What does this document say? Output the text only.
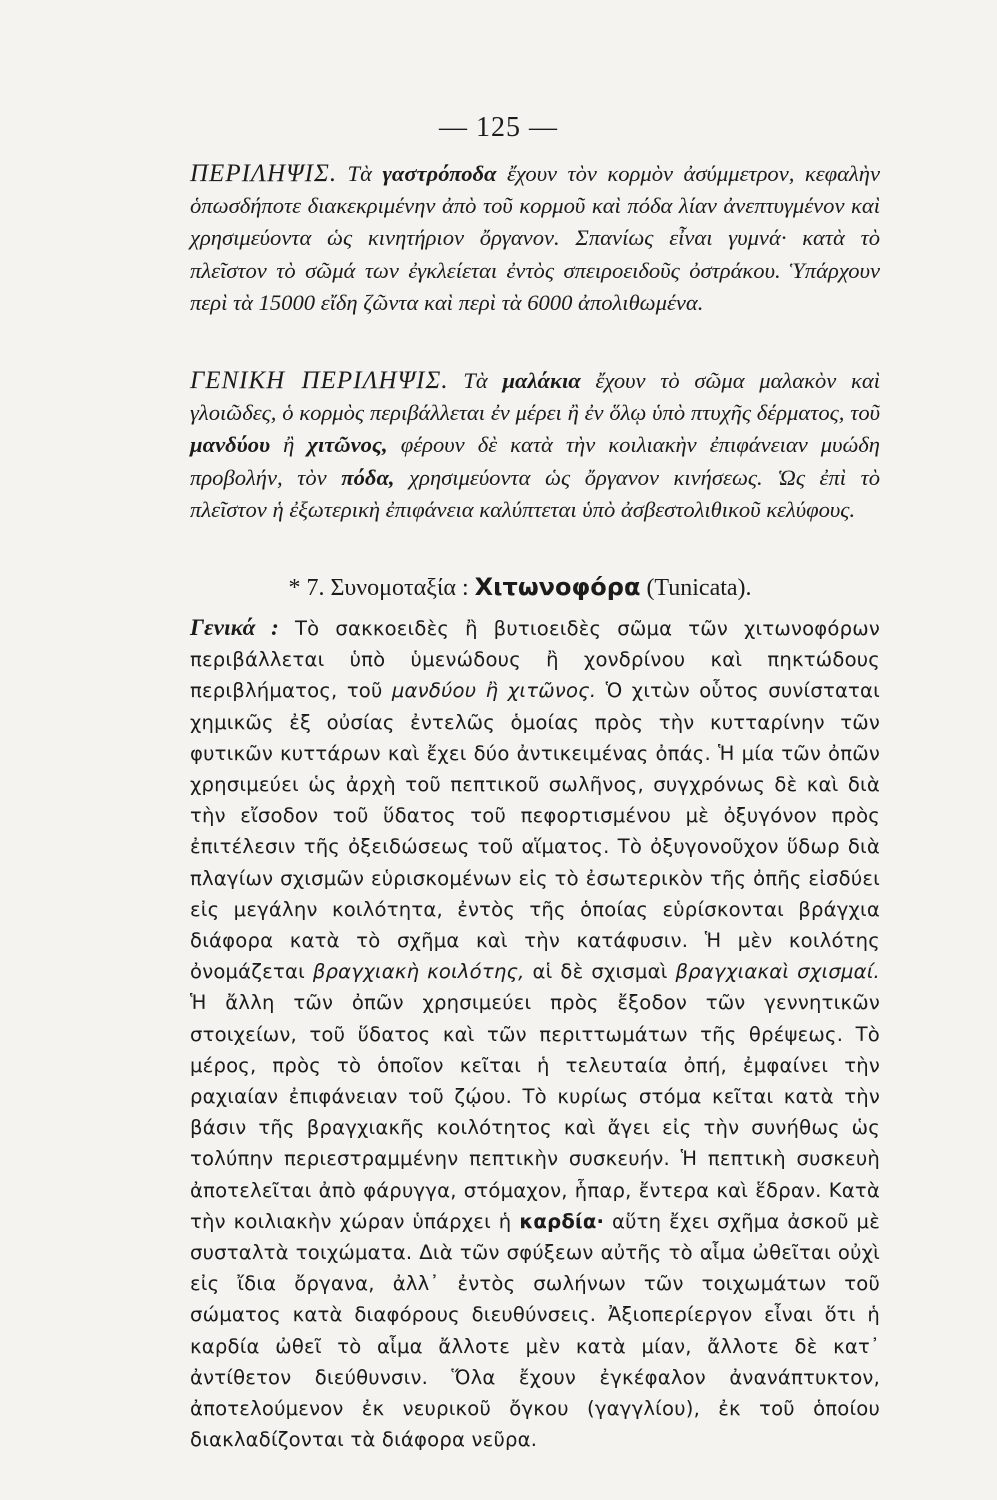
— 125 —

ΠΕΡΙΛΗΨΙΣ. Τὰ γαστρόποδα ἔχουν τὸν κορμὸν ἀσύμμετρον, κεφαλὴν ὁπωσδήποτε διακεκριμένην ἀπὸ τοῦ κορμοῦ καὶ πόδα λίαν ἀνεπτυγμένον καὶ χρησιμεύοντα ὡς κινητήριον ὄργανον. Σπανίως εἶναι γυμνά· κατὰ τὸ πλεῖστον τὸ σῶμά των ἐγκλείεται ἐντὸς σπειροειδοῦς ὀστράκου. Ὑπάρχουν περὶ τὰ 15000 εἴδη ζῶντα καὶ περὶ τὰ 6000 ἀπολιθωμένα.

ΓΕΝΙΚΗ ΠΕΡΙΛΗΨΙΣ. Τὰ μαλάκια ἔχουν τὸ σῶμα μαλακὸν καὶ γλοιῶδες, ὁ κορμὸς περιβάλλεται ἐν μέρει ἢ ἐν ὅλῳ ὑπὸ πτυχῆς δέρματος, τοῦ μανδύου ἢ χιτῶνος, φέρουν δὲ κατὰ τὴν κοιλιακὴν ἐπιφάνειαν μυώδη προβολήν, τὸν πόδα, χρησιμεύοντα ὡς ὄργανον κινήσεως. Ὡς ἐπὶ τὸ πλεῖστον ἡ ἐξωτερικὴ ἐπιφάνεια καλύπτεται ὑπὸ ἀσβεστολιθικοῦ κελύφους.

* 7. Συνομοταξία : Χιτωνοφόρα (Tunicata).

Γενικά : Τὸ σακκοειδὲς ἢ βυτιοειδὲς σῶμα τῶν χιτωνοφόρων περιβάλλεται ὑπὸ ὑμενώδους ἢ χονδρίνου καὶ πηκτώδους περιβλήματος, τοῦ μανδύου ἢ χιτῶνος. Ὁ χιτὼν οὗτος συνίσταται χημικῶς ἐξ οὐσίας ἐντελῶς ὁμοίας πρὸς τὴν κυτταρίνην τῶν φυτικῶν κυττάρων καὶ ἔχει δύο ἀντικειμένας ὀπάς. Ἡ μία τῶν ὀπῶν χρησιμεύει ὡς ἀρχὴ τοῦ πεπτικοῦ σωλῆνος, συγχρόνως δὲ καὶ διὰ τὴν εἴσοδον τοῦ ὕδατος τοῦ πεφορτισμένου μὲ ὀξυγόνον πρὸς ἐπιτέλεσιν τῆς ὀξειδώσεως τοῦ αἵματος. Τὸ ὀξυγονοῦχον ὕδωρ διὰ πλαγίων σχισμῶν εὑρισκομένων εἰς τὸ ἐσωτερικὸν τῆς ὀπῆς εἰσδύει εἰς μεγάλην κοιλότητα, ἐντὸς τῆς ὁποίας εὑρίσκονται βράγχια διάφορα κατὰ τὸ σχῆμα καὶ τὴν κατάφυσιν. Ἡ μὲν κοιλότης ὀνομάζεται βραγχιακὴ κοιλότης, αἱ δὲ σχισμαὶ βραγχιακαὶ σχισμαί. Ἡ ἄλλη τῶν ὀπῶν χρησιμεύει πρὸς ἔξοδον τῶν γεννητικῶν στοιχείων, τοῦ ὕδατος καὶ τῶν περιττωμάτων τῆς θρέψεως. Τὸ μέρος, πρὸς τὸ ὁποῖον κεῖται ἡ τελευταία ὀπή, ἐμφαίνει τὴν ραχιαίαν ἐπιφάνειαν τοῦ ζῴου. Τὸ κυρίως στόμα κεῖται κατὰ τὴν βάσιν τῆς βραγχιακῆς κοιλότητος καὶ ἄγει εἰς τὴν συνήθως ὡς τολύπην περιεστραμμένην πεπτικὴν συσκευήν. Ἡ πεπτικὴ συσκευὴ ἀποτελεῖται ἀπὸ φάρυγγα, στόμαχον, ἧπαρ, ἔντερα καὶ ἕδραν. Κατὰ τὴν κοιλιακὴν χώραν ὑπάρχει ἡ καρδία· αὕτη ἔχει σχῆμα ἀσκοῦ μὲ συσταλτὰ τοιχώματα. Διὰ τῶν σφύξεων αὐτῆς τὸ αἷμα ὠθεῖται οὐχὶ εἰς ἴδια ὄργανα, ἀλλ᾿ ἐντὸς σωλήνων τῶν τοιχωμάτων τοῦ σώματος κατὰ διαφόρους διευθύνσεις. Ἀξιοπερίεργον εἶναι ὅτι ἡ καρδία ὠθεῖ τὸ αἷμα ἄλλοτε μὲν κατὰ μίαν, ἄλλοτε δὲ κατ᾿ ἀντίθετον διεύθυνσιν. Ὅλα ἔχουν ἐγκέφαλον ἀνανάπτυκτον, ἀποτελούμενον ἐκ νευρικοῦ ὄγκου (γαγγλίου), ἐκ τοῦ ὁποίου διακλαδίζονται τὰ διάφορα νεῦρα.
